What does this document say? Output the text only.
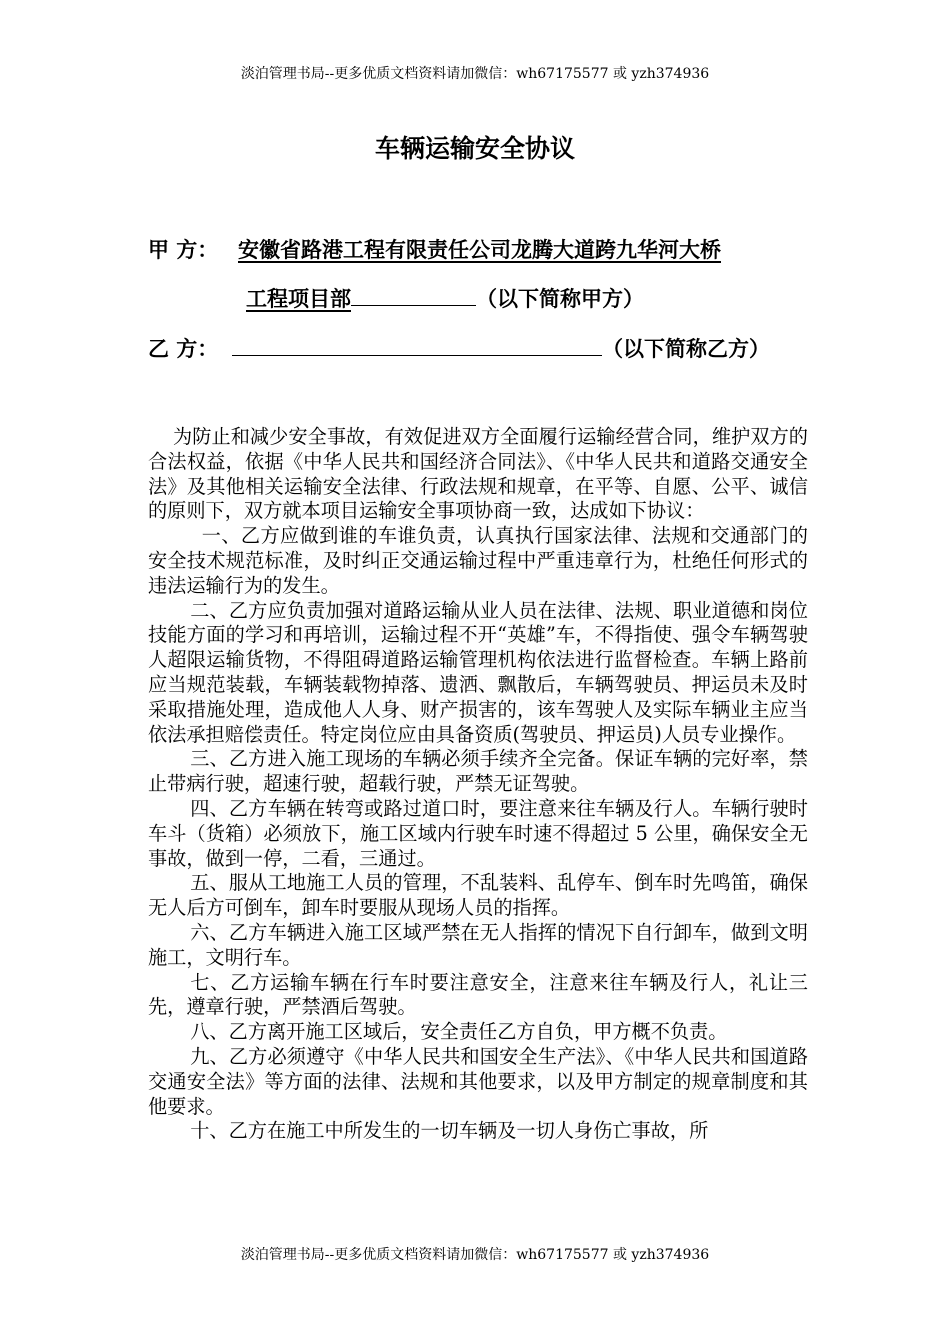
淡泊管理书局--更多优质文档资料请加微信：wh67175577 或 yzh374936
车辆运输安全协议
甲 方： 安徽省路港工程有限责任公司龙腾大道跨九华河大桥
工程项目部	（以下简称甲方）
乙 方：	（以下简称乙方）

为防止和减少安全事故，有效促进双方全面履行运输经营合同，维护双方的合法权益，依据《中华人民共和国经济合同法》、《中华人民共和道路交通安全法》及其他相关运输安全法律、行政法规和规章，在平等、自愿、公平、诚信的原则下，双方就本项目运输安全事项协商一致，达成如下协议：

一、乙方应做到谁的车谁负责，认真执行国家法律、法规和交通部门的安全技术规范标准，及时纠正交通运输过程中严重违章行为，杜绝任何形式的违法运输行为的发生。

二、乙方应负责加强对道路运输从业人员在法律、法规、职业道德和岗位技能方面的学习和再培训，运输过程不开“英雄”车，不得指使、强令车辆驾驶人超限运输货物，不得阻碍道路运输管理机构依法进行监督检查。车辆上路前应当规范装载，车辆装载物掉落、遗洒、飘散后，车辆驾驶员、押运员未及时采取措施处理，造成他人人身、财产损害的，该车驾驶人及实际车辆业主应当依法承担赔偿责任。特定岗位应由具备资质(驾驶员、押运员)人员专业操作。

三、乙方进入施工现场的车辆必须手续齐全完备。保证车辆的完好率，禁止带病行驶，超速行驶，超载行驶，严禁无证驾驶。

四、乙方车辆在转弯或路过道口时，要注意来往车辆及行人。车辆行驶时车斗（货箱）必须放下，施工区域内行驶车时速不得超过 5 公里，确保安全无事故，做到一停，二看，三通过。

五、服从工地施工人员的管理，不乱装料、乱停车、倒车时先鸣笛，确保无人后方可倒车，卸车时要服从现场人员的指挥。

六、乙方车辆进入施工区域严禁在无人指挥的情况下自行卸车，做到文明施工，文明行车。

七、乙方运输车辆在行车时要注意安全，注意来往车辆及行人，礼让三先，遵章行驶，严禁酒后驾驶。

八、乙方离开施工区域后，安全责任乙方自负，甲方概不负责。

九、乙方必须遵守《中华人民共和国安全生产法》、《中华人民共和国道路交通安全法》等方面的法律、法规和其他要求，以及甲方制定的规章制度和其他要求。

十、乙方在施工中所发生的一切车辆及一切人身伤亡事故，所

淡泊管理书局--更多优质文档资料请加微信：wh67175577 或 yzh374936
